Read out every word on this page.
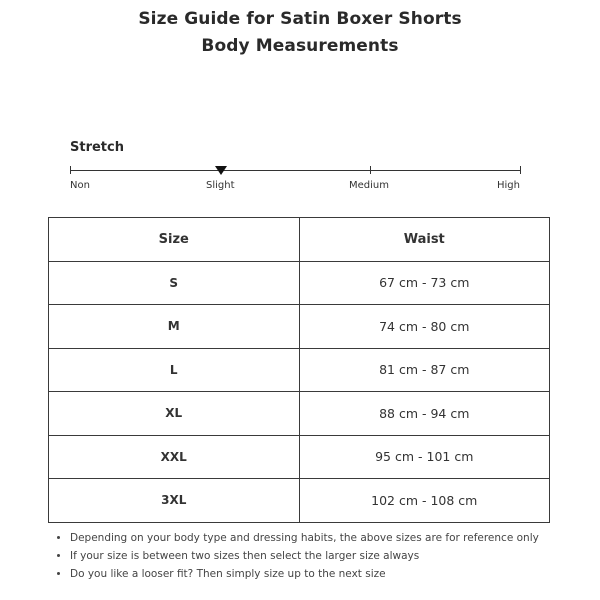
Size Guide for Satin Boxer Shorts
Body Measurements
Stretch
Non	Slight	Medium	High
Size	Waist
S	67 cm - 73 cm
M	74 cm - 80 cm
L	81 cm - 87 cm
XL	88 cm - 94 cm
XXL	95 cm - 101 cm
3XL	102 cm - 108 cm
• Depending on your body type and dressing habits, the above sizes are for reference only
• If your size is between two sizes then select the larger size always
• Do you like a looser fit? Then simply size up to the next size
